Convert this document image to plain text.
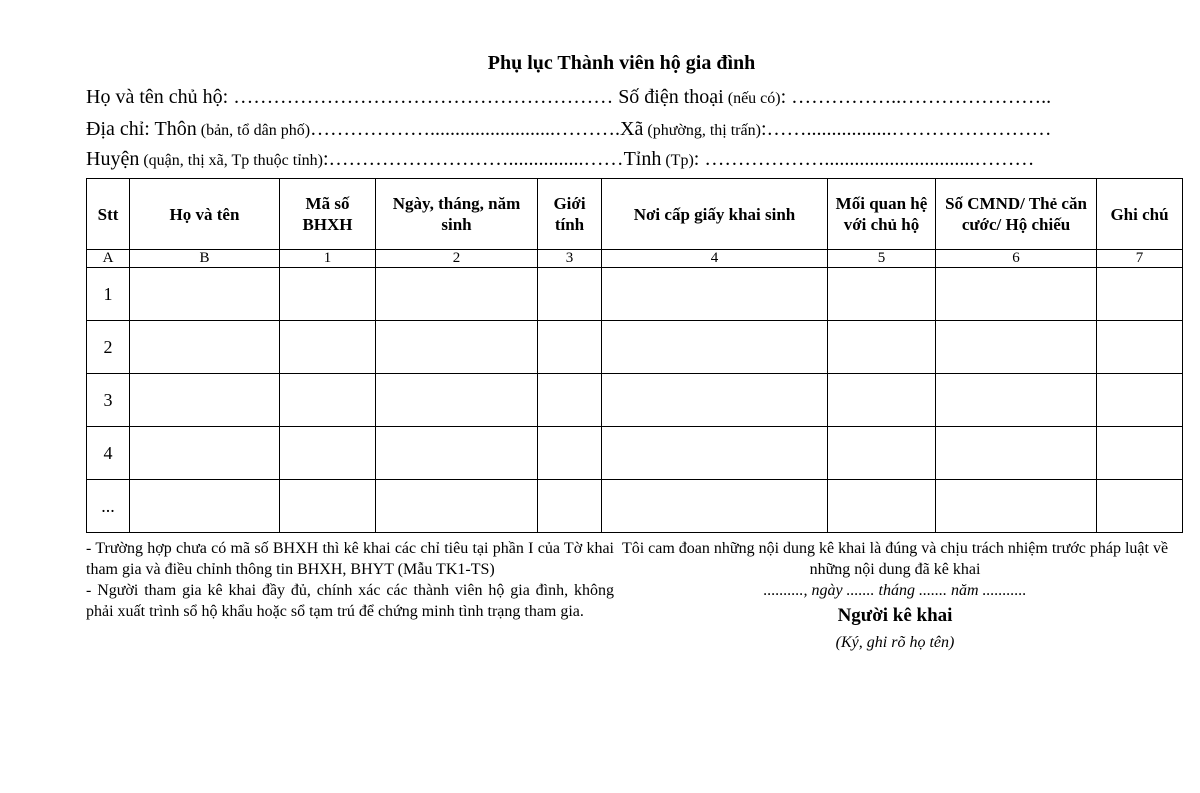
Phụ lục Thành viên hộ gia đình
Họ và tên chủ hộ: ………………………………………………… Số điện thoại (nếu có): ……………..…………………..
Địa chỉ: Thôn (bản, tổ dân phố)……………….........................……….Xã (phường, thị trấn):…….................……………………
Huyện (quận, thị xã, Tp thuộc tỉnh):………………………...............……Tỉnh (Tp): ………………..............................………
Stt	Họ và tên	Mã số BHXH	Ngày, tháng, năm sinh	Giới tính	Nơi cấp giấy khai sinh	Mối quan hệ với chủ hộ	Số CMND/ Thẻ căn cước/ Hộ chiếu	Ghi chú
A	B	1	2	3	4	5	6	7
1								
2								
3								
4								
...								

- Trường hợp chưa có mã số BHXH thì kê khai các chỉ tiêu tại phần I của Tờ khai tham gia và điều chỉnh thông tin BHXH, BHYT (Mẫu TK1-TS)

- Người tham gia kê khai đầy đủ, chính xác các thành viên hộ gia đình, không phải xuất trình sổ hộ khẩu hoặc sổ tạm trú để chứng minh tình trạng tham gia.

Tôi cam đoan những nội dung kê khai là đúng và chịu trách nhiệm trước pháp luật về những nội dung đã kê khai
.........., ngày ....... tháng ....... năm ...........
Người kê khai
(Ký, ghi rõ họ tên)
